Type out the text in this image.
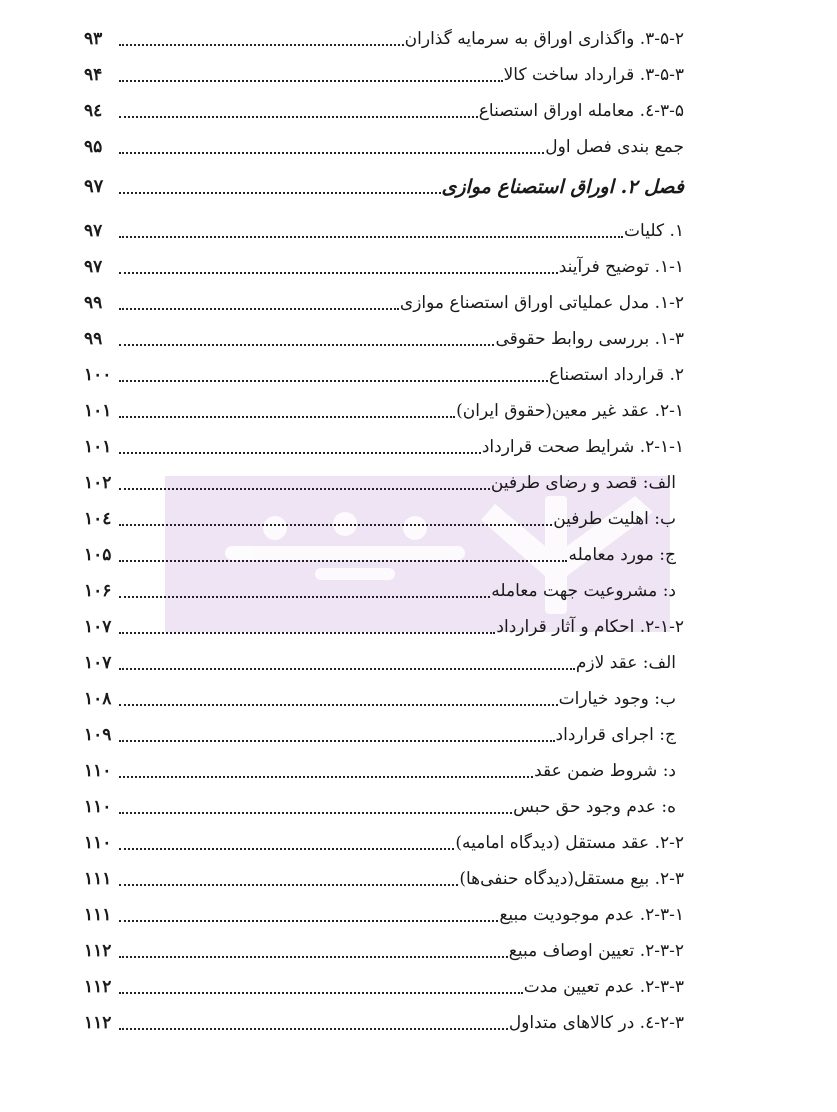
۳-۵-۲. واگذاری اوراق به سرمایه گذاران
۹۳
۳-۵-۳. قرارداد ساخت کالا
۹۴
۳-۵-٤. معامله اوراق استصناع
۹٤
جمع بندی فصل اول
۹۵
فصل ۲. اوراق استصناع موازی
۹۷
۱. کلیات
۹۷
۱-۱. توضیح فرآیند
۹۷
۱-۲. مدل عملیاتی اوراق استصناع موازی
۹۹
۱-۳. بررسی روابط حقوقی
۹۹
۲. قرارداد استصناع
۱۰۰
۲-۱. عقد غیر معین(حقوق ایران)
۱۰۱
۲-۱-۱. شرایط صحت قرارداد
۱۰۱
الف: قصد و رضای طرفین
۱۰۲
ب: اهلیت طرفین
۱۰٤
ج: مورد معامله
۱۰۵
د: مشروعیت جهت معامله
۱۰۶
۲-۱-۲. احکام و آثار قرارداد
۱۰۷
الف: عقد لازم
۱۰۷
ب: وجود خیارات
۱۰۸
ج: اجرای قرارداد
۱۰۹
د: شروط ضمن عقد
۱۱۰
ه: عدم وجود حق حبس
۱۱۰
۲-۲. عقد مستقل (دیدگاه امامیه)
۱۱۰
۲-۳. بیع مستقل(دیدگاه حنفی‌ها)
۱۱۱
۲-۳-۱. عدم موجودیت مبیع
۱۱۱
۲-۳-۲. تعیین اوصاف مبیع
۱۱۲
۲-۳-۳. عدم تعیین مدت
۱۱۲
۲-۳-٤. در کالاهای متداول
۱۱۲
